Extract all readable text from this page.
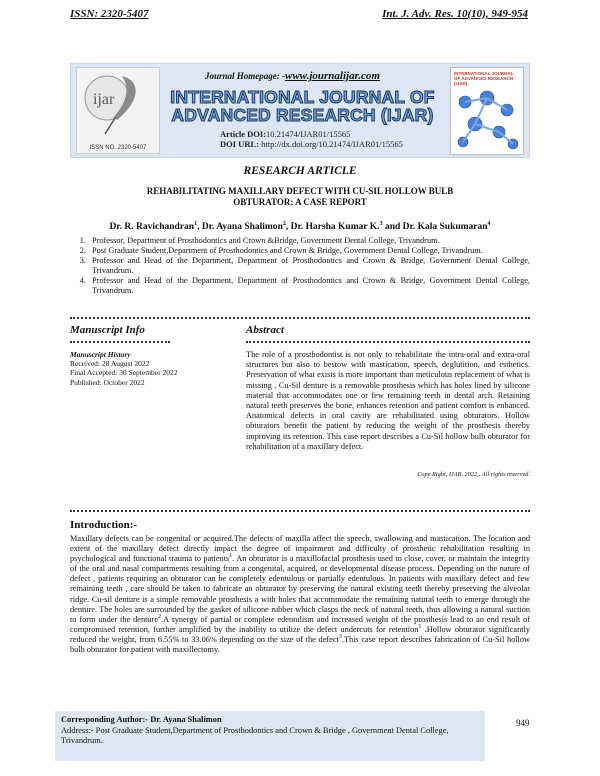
ISSN: 2320-5407	Int. J. Adv. Res. 10(10), 949-954
ijar
ISSN NO. 2320-5407
INTERNATIONAL JOURNAL OF ADVANCED RESEARCH (IJAR)
Journal Homepage: -www.journalijar.com
INTERNATIONAL JOURNAL OF
ADVANCED RESEARCH (IJAR)
Article DOI:10.21474/IJAR01/15565
DOI URL: http://dx.doi.org/10.21474/IJAR01/15565
RESEARCH ARTICLE
REHABILITATING MAXILLARY DEFECT WITH CU-SIL HOLLOW BULB OBTURATOR: A CASE REPORT
Dr. R. Ravichandran$^1$, Dr. Ayana Shalimon$^2$, Dr. Harsha Kumar K.$^3$ and Dr. Kala Sukumaran$^4$
1. Professor, Department of Prosthodontics and Crown &Bridge, Government Dental College, Trivandrum.
2. Post Graduate Student,Department of Prosthodontics and Crown & Bridge, Government Dental College, Trivandrum.
3. Professor and Head of the Department, Department of Prosthodontics and Crown & Bridge, Government Dental College, Trivandrum.
4. Professor and Head of the Department, Department of Prosthodontics and Crown & Bridge, Government Dental College, Trivandrum.
Manuscript Info	Abstract
Manuscript History
Received: 28 August 2022
Final Accepted: 30 September 2022
Published: October 2022
The role of a prosthodontist is not only to rehabilitate the intra-oral and extra-oral structures but also to bestow with mastication, speech, deglutition, and esthetics. Preservation of what exists is more important than meticulous replacement of what is missing . Cu-Sil denture is a removable prosthesis which has holes lined by silicone material that accommodates one or few remaining teeth in dental arch. Retaining natural teeth preserves the bone, enhances retention and patient comfort is enhanced. Anatomical defects in oral cavity are rehabilitated using obturators. Hollow obturators benefit the patient by reducing the weight of the prosthesis thereby improving its retention. This case report describes a Cu-Sil hollow bulb obturator for rehabilitation of a maxillary defect.
Copy Right, IJAR, 2022,. All rights reserved.
Introduction:-
Maxillary defects can be congenital or acquired.The defects of maxilla affect the speech, swallowing and mastication. The location and extent of the maxillary defect directly impact the degree of impairment and difficulty of prosthetic rehabilitation resulting in psychological and functional trauma to patients$^1$. An obturator is a maxillofacial prosthesis used to close, cover, or maintain the integrity of the oral and nasal compartments resulting from a congenital, acquired, or developmental disease process. Depending on the nature of defect , patients requiring an obturator can be completely edentulous or partially edentulous. In patients with maxillary defect and few remaining teeth , care should be taken to fabricate an obturator by preserving the natural existing teeth thereby preserving the alveolar ridge. Cu-sil denture is a simple removable prosthesis a with holes that accommodate the remaining natural teeth to emerge through the denture. The holes are surrounded by the gasket of silicone rubber which clasps the neck of natural teeth, thus allowing a natural suction to form under the denture$^2$.A synergy of partial or complete edentulism and increased weight of the prosthesis lead to an end result of compromised retention, further amplified by the inability to utilize the defect undercuts for retention$^1$ .Hollow obturator significantly reduced the weight, from 6.55% to 33.06% depending on the size of the defect$^3$.This case report describes fabrication of Cu-Sil hollow bulb obturator for patient with maxillectomy.
Corresponding Author:- Dr. Ayana Shalimon
Address:- Post Graduate Student,Department of Prosthodontics and Crown & Bridge , Government Dental College, Trivandrum.
949
